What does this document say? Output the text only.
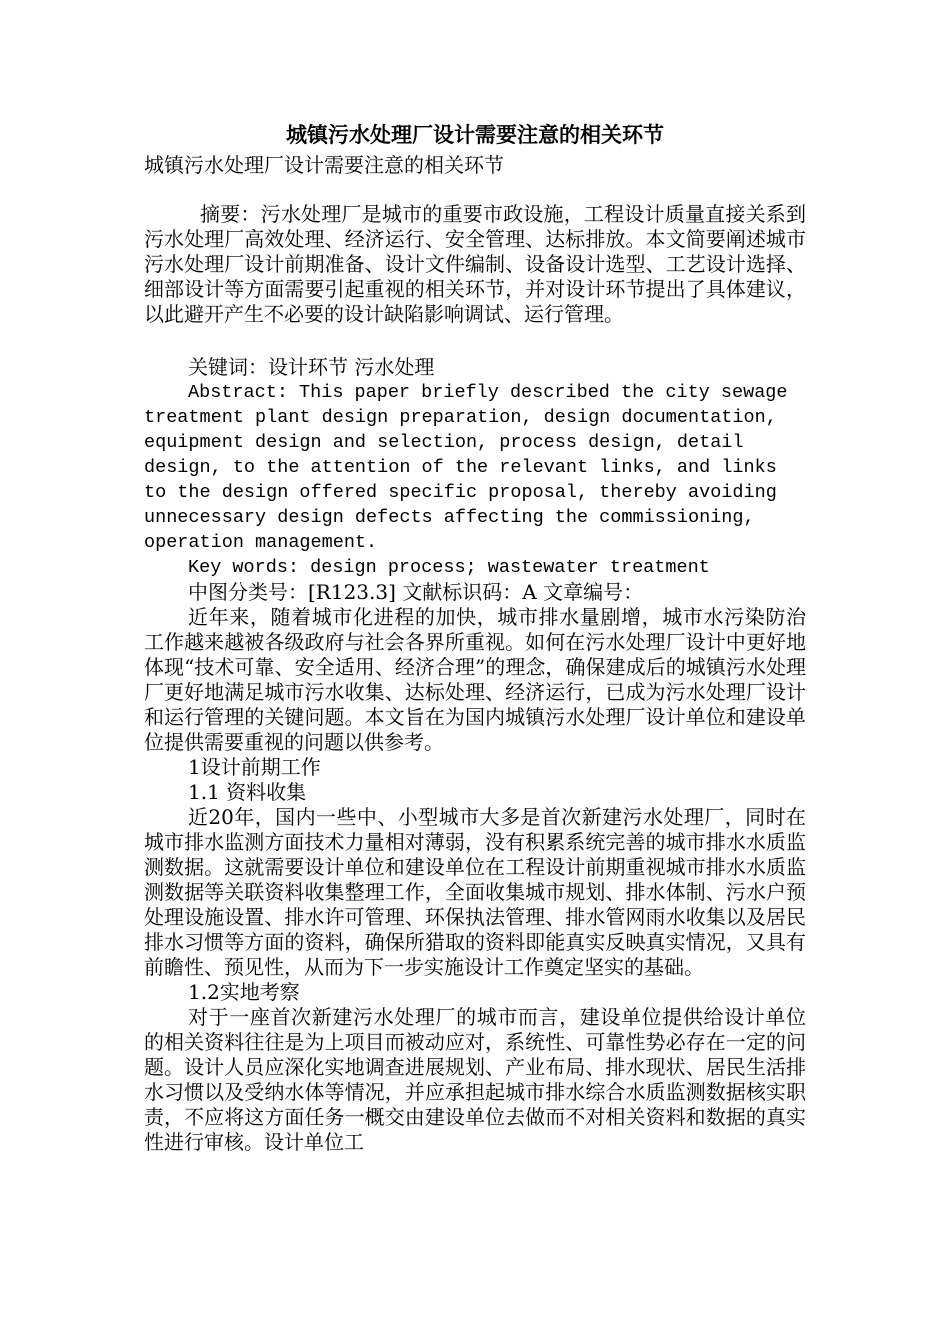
城镇污水处理厂设计需要注意的相关环节
城镇污水处理厂设计需要注意的相关环节

摘要：污水处理厂是城市的重要市政设施，工程设计质量直接关系到污水处理厂高效处理、经济运行、安全管理、达标排放。本文简要阐述城市污水处理厂设计前期准备、设计文件编制、设备设计选型、工艺设计选择、细部设计等方面需要引起重视的相关环节，并对设计环节提出了具体建议，以此避开产生不必要的设计缺陷影响调试、运行管理。

关键词：设计环节 污水处理

Abstract: This paper briefly described the city sewage treatment plant design preparation, design documentation, equipment design and selection, process design, detail design, to the attention of the relevant links, and links to the design offered specific proposal, thereby avoiding unnecessary design defects affecting the commissioning, operation management.

Key words: design process; wastewater treatment

中图分类号：[R123.3] 文献标识码：A 文章编号：

近年来，随着城市化进程的加快，城市排水量剧增，城市水污染防治工作越来越被各级政府与社会各界所重视。如何在污水处理厂设计中更好地体现“技术可靠、安全适用、经济合理”的理念，确保建成后的城镇污水处理厂更好地满足城市污水收集、达标处理、经济运行，已成为污水处理厂设计和运行管理的关键问题。本文旨在为国内城镇污水处理厂设计单位和建设单位提供需要重视的问题以供参考。

1设计前期工作

1.1 资料收集

近20年，国内一些中、小型城市大多是首次新建污水处理厂，同时在城市排水监测方面技术力量相对薄弱，没有积累系统完善的城市排水水质监测数据。这就需要设计单位和建设单位在工程设计前期重视城市排水水质监测数据等关联资料收集整理工作，全面收集城市规划、排水体制、污水户预处理设施设置、排水许可管理、环保执法管理、排水管网雨水收集以及居民排水习惯等方面的资料，确保所猎取的资料即能真实反映真实情况，又具有前瞻性、预见性，从而为下一步实施设计工作奠定坚实的基础。

1.2实地考察

对于一座首次新建污水处理厂的城市而言，建设单位提供给设计单位的相关资料往往是为上项目而被动应对，系统性、可靠性势必存在一定的问题。设计人员应深化实地调查进展规划、产业布局、排水现状、居民生活排水习惯以及受纳水体等情况，并应承担起城市排水综合水质监测数据核实职责，不应将这方面任务一概交由建设单位去做而不对相关资料和数据的真实性进行审核。设计单位工
